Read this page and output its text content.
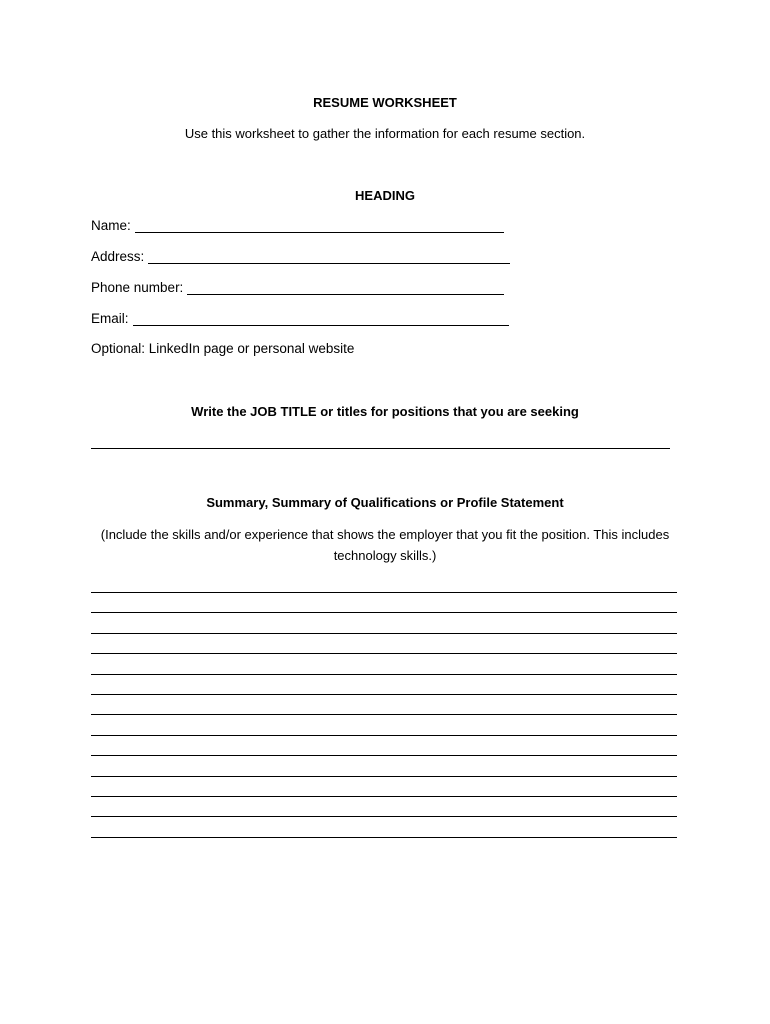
RESUME WORKSHEET
Use this worksheet to gather the information for each resume section.
HEADING
Name:
Address:
Phone number:
Email:
Optional: LinkedIn page or personal website
Write the JOB TITLE or titles for positions that you are seeking
Summary, Summary of Qualifications or Profile Statement
(Include the skills and/or experience that shows the employer that you fit the position. This includes technology skills.)
